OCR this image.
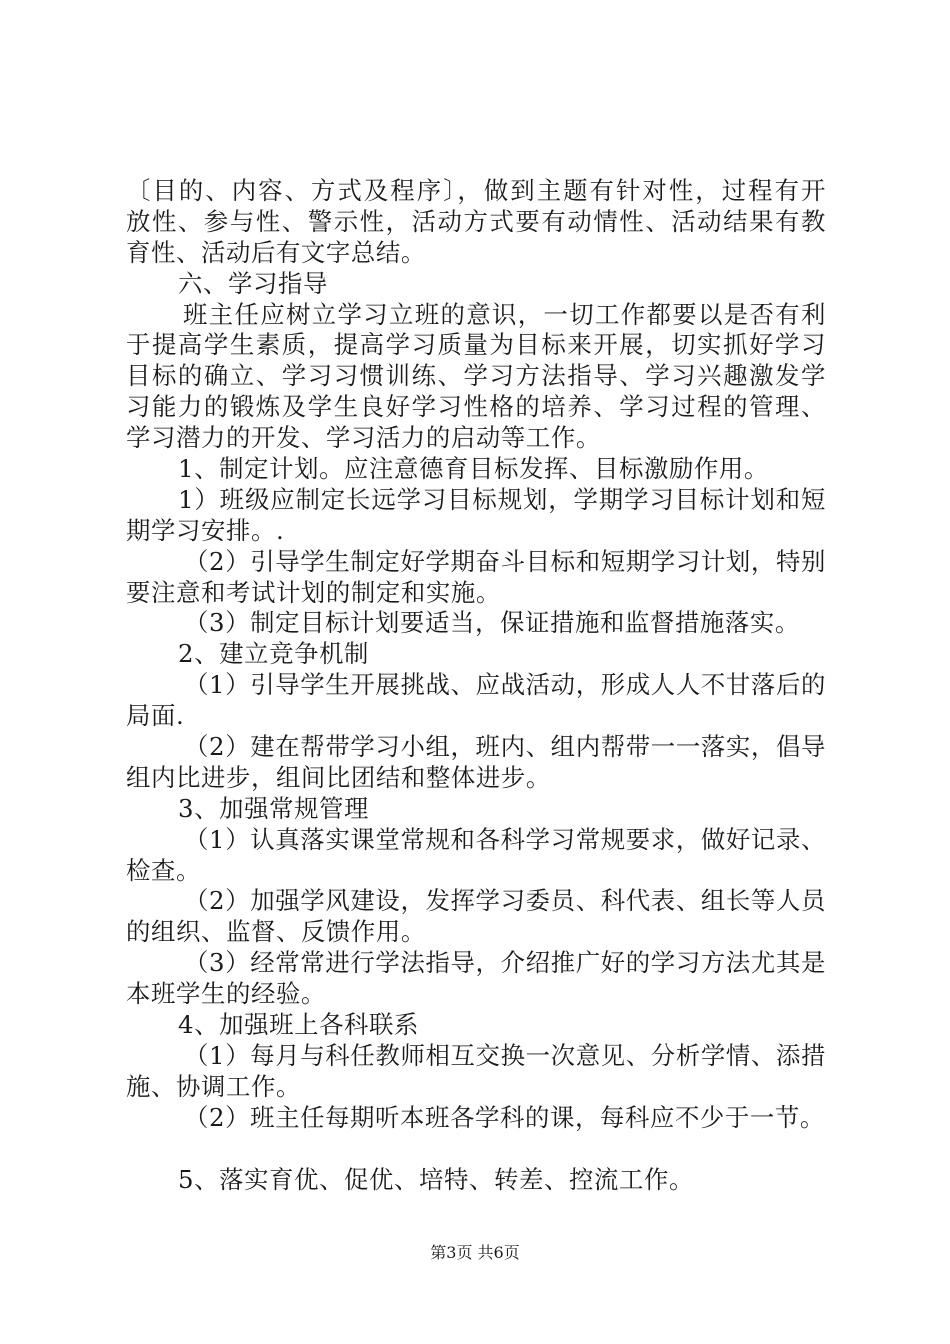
〔目的、内容、方式及程序〕，做到主题有针对性，过程有开
放性、参与性、警示性，活动方式要有动情性、活动结果有教
育性、活动后有文字总结。
六、学习指导
班主任应树立学习立班的意识，一切工作都要以是否有利
于提高学生素质，提高学习质量为目标来开展，切实抓好学习
目标的确立、学习习惯训练、学习方法指导、学习兴趣激发学
习能力的锻炼及学生良好学习性格的培养、学习过程的管理、
学习潜力的开发、学习活力的启动等工作。
1、制定计划。应注意德育目标发挥、目标激励作用。
1）班级应制定长远学习目标规划，学期学习目标计划和短
期学习安排。.
（2）引导学生制定好学期奋斗目标和短期学习计划，特别
要注意和考试计划的制定和实施。
（3）制定目标计划要适当，保证措施和监督措施落实。
2、建立竞争机制
（1）引导学生开展挑战、应战活动，形成人人不甘落后的
局面.
（2）建在帮带学习小组，班内、组内帮带一一落实，倡导
组内比进步，组间比团结和整体进步。
3、加强常规管理
（1）认真落实课堂常规和各科学习常规要求，做好记录、
检查。
（2）加强学风建设，发挥学习委员、科代表、组长等人员
的组织、监督、反馈作用。
（3）经常常进行学法指导，介绍推广好的学习方法尤其是
本班学生的经验。
4、加强班上各科联系
（1）每月与科任教师相互交换一次意见、分析学情、添措
施、协调工作。
（2）班主任每期听本班各学科的课，每科应不少于一节。
5、落实育优、促优、培特、转差、控流工作。
第3页 共6页
